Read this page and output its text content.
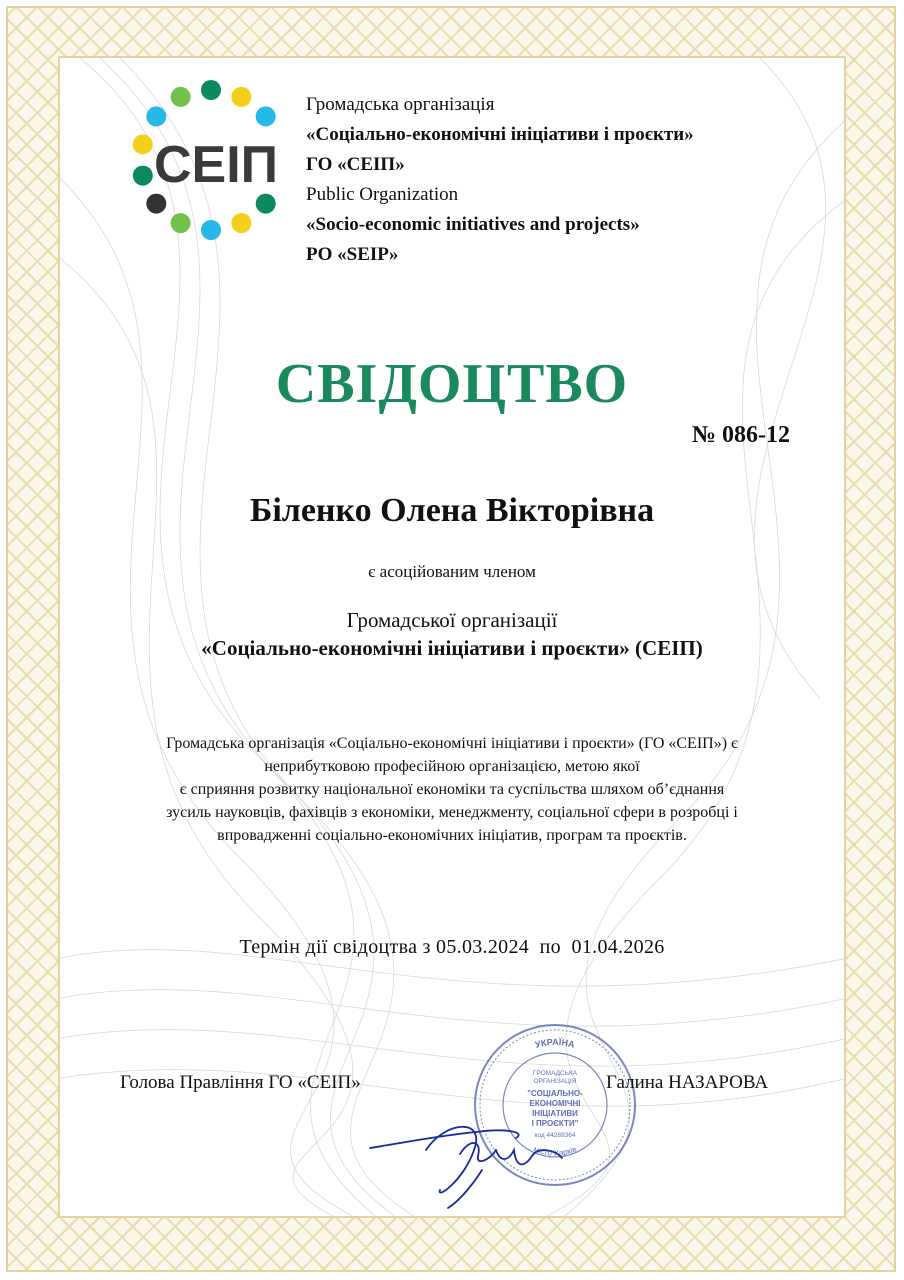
СЕІП
Громадська організація
«Соціально-економічні ініціативи і проєкти»
ГО «СЕІП»
Public Organization
«Socio-economic initiatives and projects»
PO «SEIP»
СВІДОЦТВО
№ 086-12
Біленко Олена Вікторівна
є асоційованим членом
Громадської організації
«Соціально-економічні ініціативи і проєкти» (СЕІП)
Громадська організація «Соціально-економічні ініціативи і проєкти» (ГО «СЕІП») є
неприбутковою професійною організацією, метою якої
є сприяння розвитку національної економіки та суспільства шляхом об’єднання
зусиль науковців, фахівців з економіки, менеджменту, соціальної сфери в розробці і
впровадженні соціально-економічних ініціатив, програм та проєктів.
Термін дії свідоцтва з 05.03.2024  по  01.04.2026
УКРАЇНА
місто Харків
ГРОМАДСЬКА
ОРГАНІЗАЦІЯ
"СОЦІАЛЬНО-
ЕКОНОМІЧНІ
ІНІЦІАТИВИ
І ПРОЄКТИ"
код 44289364
Голова Правління ГО «СЕІП»	Галина НАЗАРОВА
